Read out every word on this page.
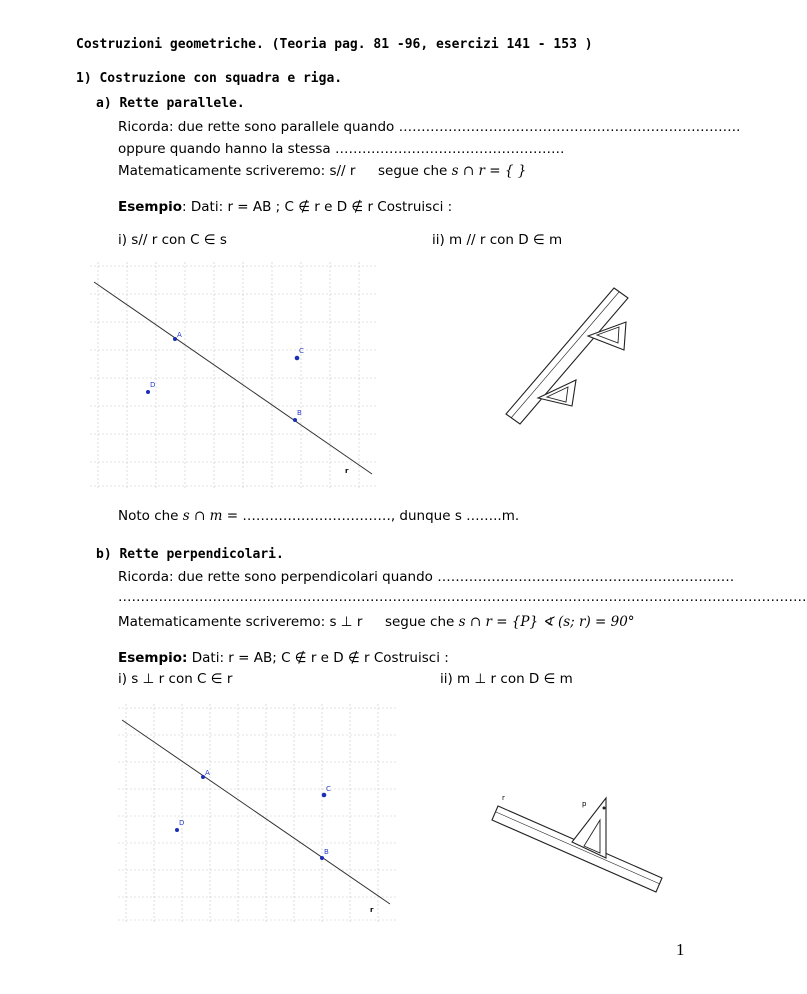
Costruzioni geometriche. (Teoria pag. 81 -96, esercizi 141 - 153 )
1) Costruzione con squadra e riga.
a) Rette parallele.
Ricorda: due rette sono parallele quando ………………………………………………………………….
oppure quando hanno la stessa ……………………………………………
Matematicamente scriveremo: s// r segue che s ∩ r = { }
Esempio: Dati: r = AB ; C ∉ r e D ∉ r Costruisci :
i) s// r con C ∈ s	ii) m // r con D ∈ m
A
B
C
D
r
Noto che s ∩ m = ……………………………, dunque s ……..m.
b) Rette perpendicolari.
Ricorda: due rette sono perpendicolari quando …………………………………………………………
………………………………………………………………………………………………………………………………………
Matematicamente scriveremo: s ⊥ r segue che s ∩ r = {P} ∢ (s; r) = 90°
Esempio: Dati: r = AB; C ∉ r e D ∉ r Costruisci :
i) s ⊥ r con C ∈ r	ii) m ⊥ r con D ∈ m
A
B
C
D
r
r
p
1
